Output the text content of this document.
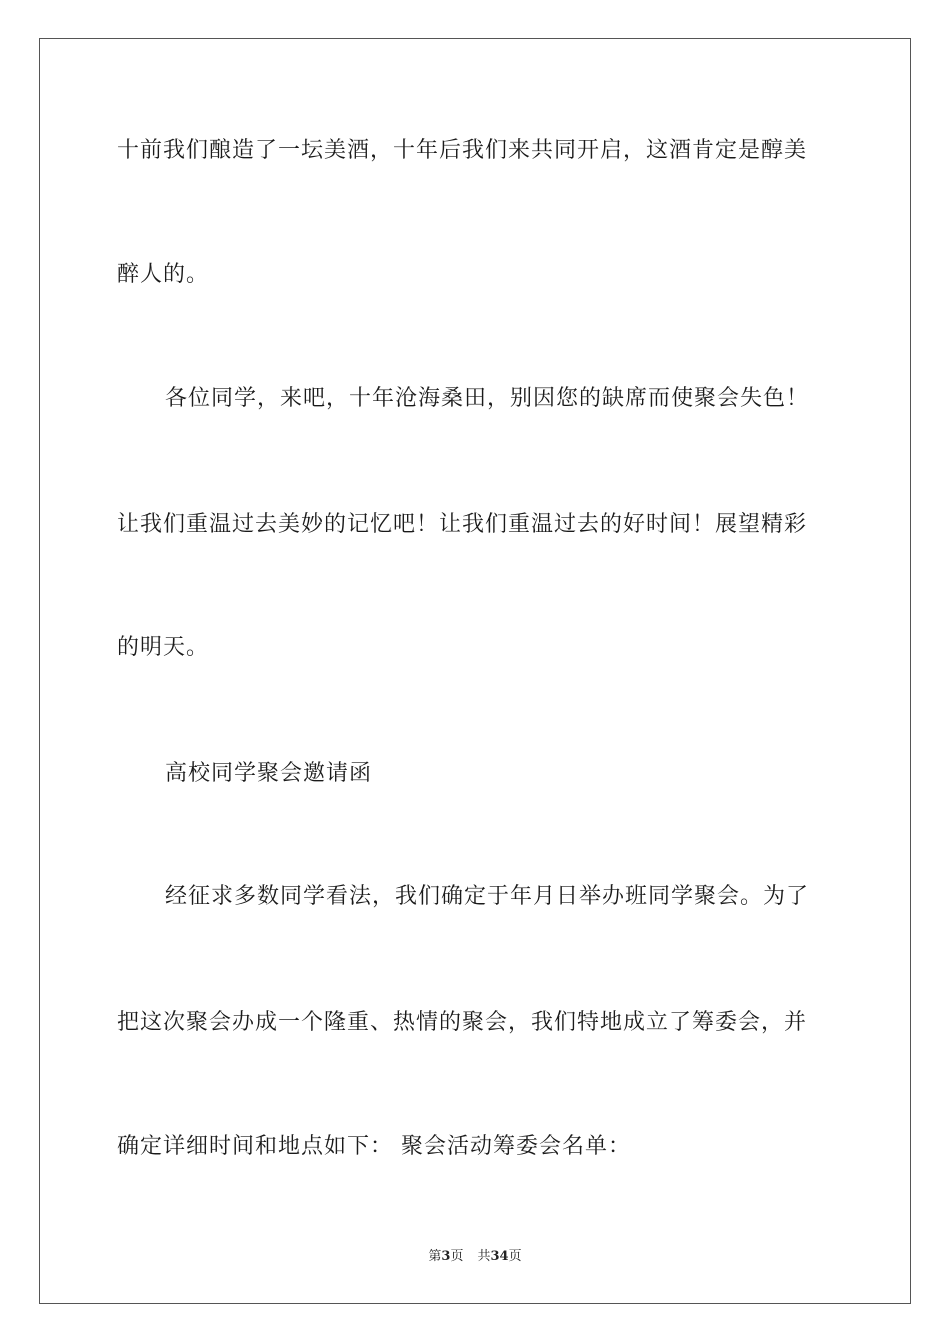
十前我们酿造了一坛美酒，十年后我们来共同开启，这酒肯定是醇美
醉人的。
各位同学，来吧，十年沧海桑田，别因您的缺席而使聚会失色！
让我们重温过去美妙的记忆吧！让我们重温过去的好时间！展望精彩
的明天。
高校同学聚会邀请函
经征求多数同学看法，我们确定于年月日举办班同学聚会。为了
把这次聚会办成一个隆重、热情的聚会，我们特地成立了筹委会，并
确定详细时间和地点如下： 聚会活动筹委会名单：
第3页 共34页
